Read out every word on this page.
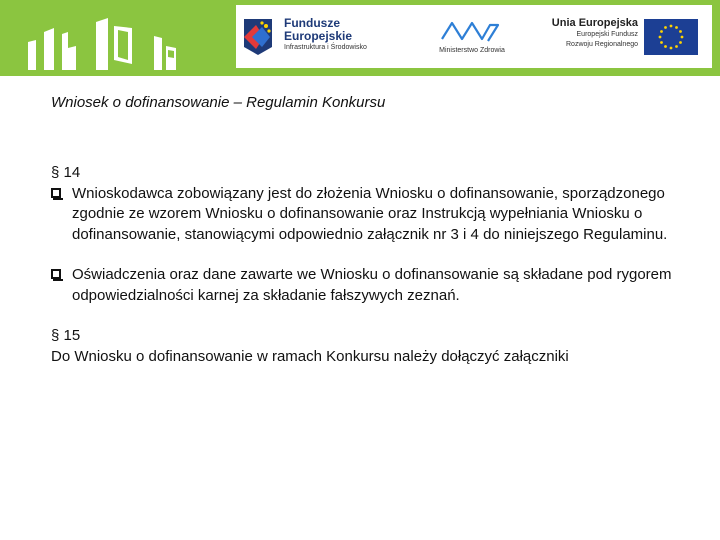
Fundusze
Europejskie
Infrastruktura i Środowisko	Ministerstwo Zdrowia
Unia Europejska
Europejski Fundusz
Rozwoju Regionalnego
Wniosek o dofinansowanie – Regulamin Konkursu
§ 14
Wnioskodawca zobowiązany jest do złożenia Wniosku o dofinansowanie, sporządzonego zgodnie ze wzorem Wniosku o dofinansowanie oraz Instrukcją wypełniania Wniosku o dofinansowanie, stanowiącymi odpowiednio załącznik nr 3 i 4 do niniejszego Regulaminu.
Oświadczenia oraz dane zawarte we Wniosku o dofinansowanie są składane pod rygorem odpowiedzialności karnej za składanie fałszywych zeznań.
§ 15
Do Wniosku o dofinansowanie w ramach Konkursu należy dołączyć załączniki
